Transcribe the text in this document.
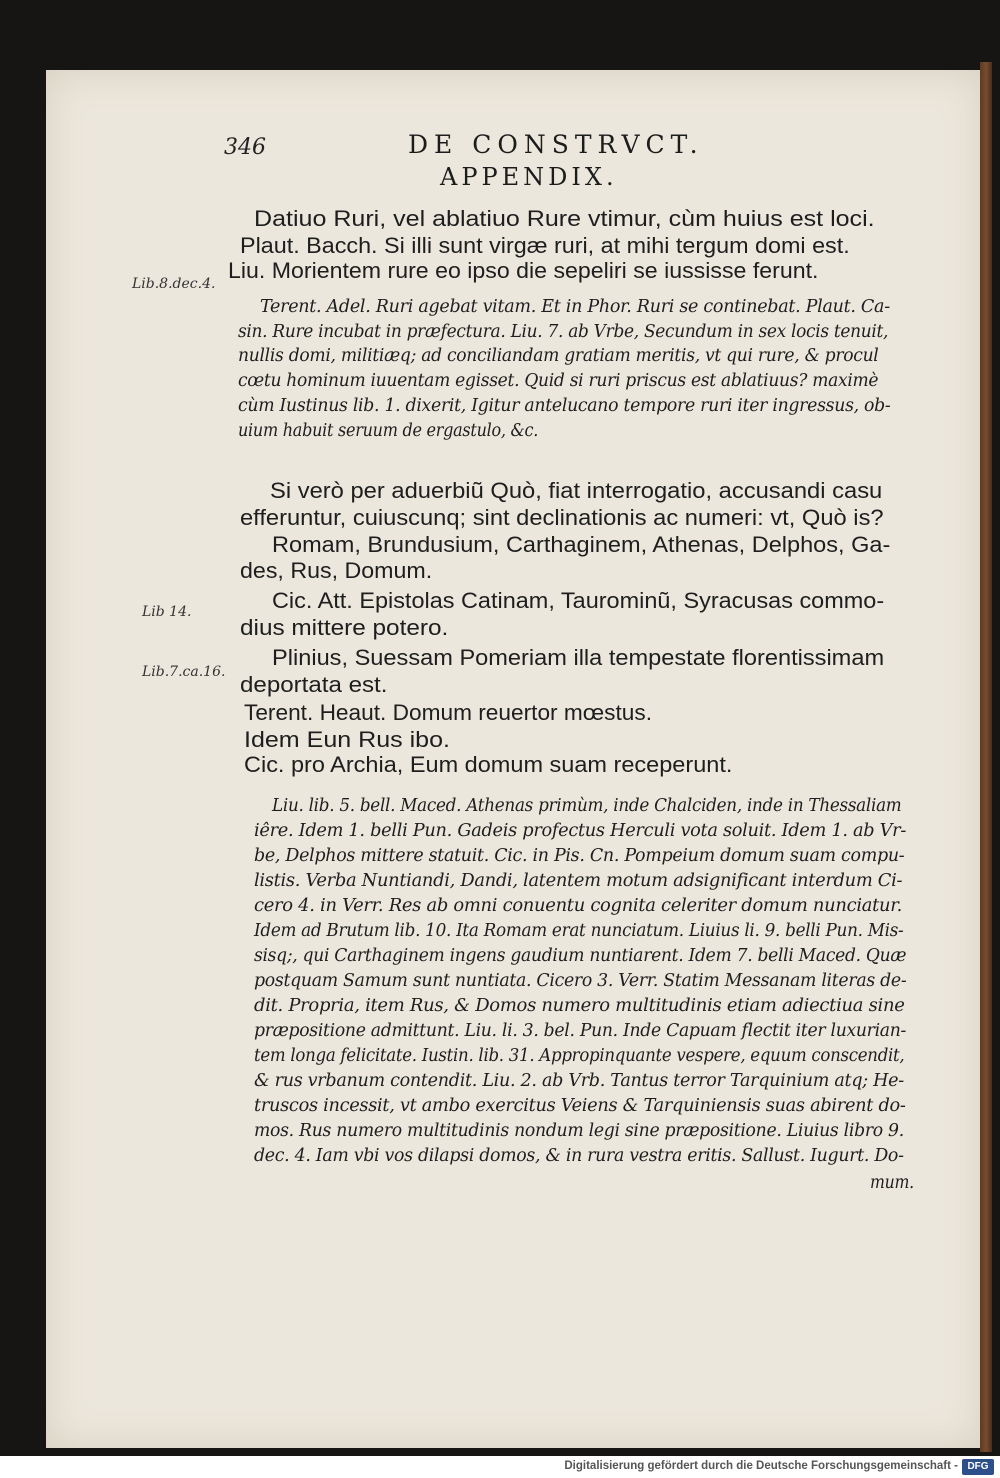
346	DE CONSTRVCT.
APPENDIX.
Datiuo Ruri, vel ablatiuo Rure vtimur, cùm huius est loci.
Plaut. Bacch. Si illi sunt virgæ ruri, at mihi tergum domi est.
Liu. Morientem rure eo ipso die sepeliri se iussisse ferunt.
Terent. Adel. Ruri agebat vitam. Et in Phor. Ruri se continebat. Plaut. Ca-
sin. Rure incubat in præfectura. Liu. 7. ab Vrbe, Secundum in sex locis tenuit,
nullis domi, militiæq; ad conciliandam gratiam meritis, vt qui rure, & procul
cœtu hominum iuuentam egisset. Quid si ruri priscus est ablatiuus? maximè
cùm Iustinus lib. 1. dixerit, Igitur antelucano tempore ruri iter ingressus, ob-
uium habuit seruum de ergastulo, &c.
Si verò per aduerbiũ Quò, fiat interrogatio, accusandi casu
efferuntur, cuiuscunq; sint declinationis ac numeri: vt, Quò is?
Romam, Brundusium, Carthaginem, Athenas, Delphos, Ga-
des, Rus, Domum.
Cic. Att. Epistolas Catinam, Taurominũ, Syracusas commo-
dius mittere potero.
Plinius, Suessam Pomeriam illa tempestate florentissimam
deportata est.
Terent. Heaut. Domum reuertor mœstus.
Idem Eun Rus ibo.
Cic. pro Archia, Eum domum suam receperunt.
Liu. lib. 5. bell. Maced. Athenas primùm, inde Chalciden, inde in Thessaliam
iêre. Idem 1. belli Pun. Gadeis profectus Herculi vota soluit. Idem 1. ab Vr-
be, Delphos mittere statuit. Cic. in Pis. Cn. Pompeium domum suam compu-
listis. Verba Nuntiandi, Dandi, latentem motum adsignificant interdum Ci-
cero 4. in Verr. Res ab omni conuentu cognita celeriter domum nunciatur.
Idem ad Brutum lib. 10. Ita Romam erat nunciatum. Liuius li. 9. belli Pun. Mis-
sisq;, qui Carthaginem ingens gaudium nuntiarent. Idem 7. belli Maced. Quæ
postquam Samum sunt nuntiata. Cicero 3. Verr. Statim Messanam literas de-
dit. Propria, item Rus, & Domos numero multitudinis etiam adiectiua sine
præpositione admittunt. Liu. li. 3. bel. Pun. Inde Capuam flectit iter luxurian-
tem longa felicitate. Iustin. lib. 31. Appropinquante vespere, equum conscendit,
& rus vrbanum contendit. Liu. 2. ab Vrb. Tantus terror Tarquinium atq; He-
truscos incessit, vt ambo exercitus Veiens & Tarquiniensis suas abirent do-
mos. Rus numero multitudinis nondum legi sine præpositione. Liuius libro 9.
dec. 4. Iam vbi vos dilapsi domos, & in rura vestra eritis. Sallust. Iugurt. Do-
mum.
Lib.8.dec.4.
Lib 14.
Lib.7.ca.16.
Digitalisierung gefördert durch die Deutsche Forschungsgemeinschaft - DFG
